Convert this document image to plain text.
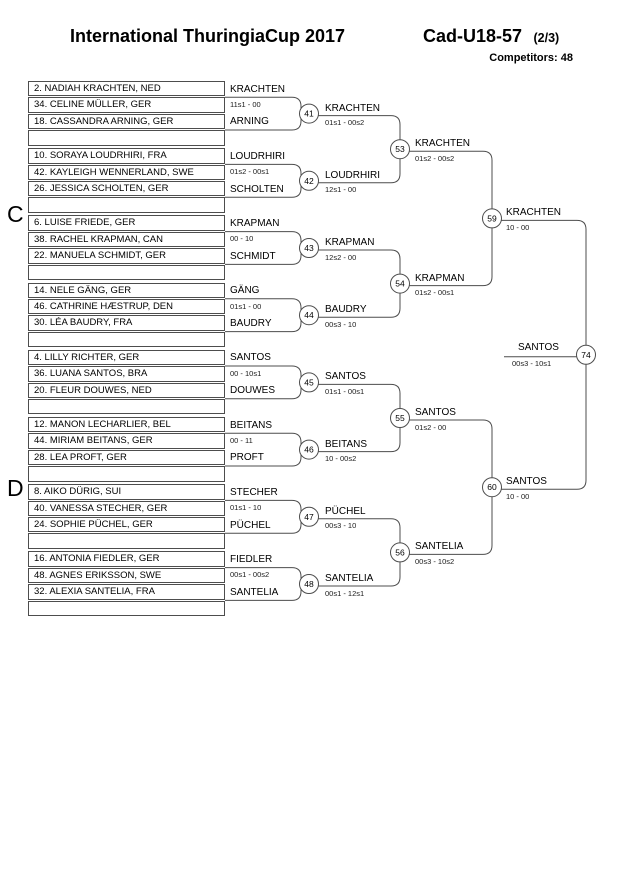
International ThuringiaCup 2017	Cad-U18-57 (2/3)
Competitors: 48
C
D
41
42
43
44
45
46
47
48
53
54
55
56
59
60
74
2. NADIAH KRACHTEN, NED
34. CELINE MÜLLER, GER
18. CASSANDRA ARNING, GER
KRACHTEN
11s1 - 00
ARNING
10. SORAYA LOUDRHIRI, FRA
42. KAYLEIGH WENNERLAND, SWE
26. JESSICA SCHOLTEN, GER
LOUDRHIRI
01s2 - 00s1
SCHOLTEN
6. LUISE FRIEDE, GER
38. RACHEL KRAPMAN, CAN
22. MANUELA SCHMIDT, GER
KRAPMAN
00 - 10
SCHMIDT
14. NELE GÄNG, GER
46. CATHRINE HÆSTRUP, DEN
30. LÉA BAUDRY, FRA
GÄNG
01s1 - 00
BAUDRY
4. LILLY RICHTER, GER
36. LUANA SANTOS, BRA
20. FLEUR DOUWES, NED
SANTOS
00 - 10s1
DOUWES
12. MANON LECHARLIER, BEL
44. MIRIAM BEITANS, GER
28. LEA PROFT, GER
BEITANS
00 - 11
PROFT
8. AIKO DÜRIG, SUI
40. VANESSA STECHER, GER
24. SOPHIE PÜCHEL, GER
STECHER
01s1 - 10
PÜCHEL
16. ANTONIA FIEDLER, GER
48. AGNES ERIKSSON, SWE
32. ALEXIA SANTELIA, FRA
FIEDLER
00s1 - 00s2
SANTELIA
KRACHTEN
01s1 - 00s2
LOUDRHIRI
12s1 - 00
KRAPMAN
12s2 - 00
BAUDRY
00s3 - 10
SANTOS
01s1 - 00s1
BEITANS
10 - 00s2
PÜCHEL
00s3 - 10
SANTELIA
00s1 - 12s1
KRACHTEN
01s2 - 00s2
KRAPMAN
01s2 - 00s1
SANTOS
01s2 - 00
SANTELIA
00s3 - 10s2
KRACHTEN
10 - 00
SANTOS
10 - 00
SANTOS
00s3 - 10s1
